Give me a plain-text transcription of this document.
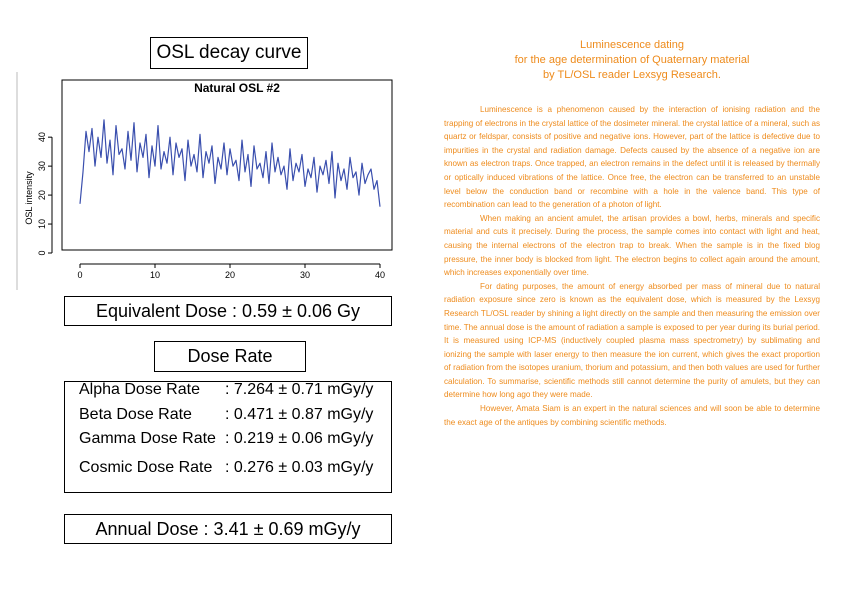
OSL decay curve
Natural OSL #2
OSL intensity
0
10
20
30
40
0	10	20	30	40
Equivalent Dose : 0.59 ± 0.06 Gy
Dose Rate
Alpha Dose Rate	: 7.264 ± 0.71 mGy/y
Beta Dose Rate	: 0.471 ± 0.87 mGy/y
Gamma Dose Rate : 0.219 ± 0.06 mGy/y
Cosmic Dose Rate : 0.276 ± 0.03 mGy/y
Annual Dose : 3.41 ± 0.69 mGy/y
Luminescence dating
for the age determination of Quaternary material
by TL/OSL reader Lexsyg Research.

Luminescence is a phenomenon caused by the interaction of ionising radiation and the trapping of electrons in the crystal lattice of the dosimeter mineral. the crystal lattice of a mineral, such as quartz or feldspar, consists of positive and negative ions. However, part of the lattice is defective due to impurities in the crystal and radiation damage. Defects caused by the absence of a negative ion are known as electron traps. Once trapped, an electron remains in the defect until it is released by thermally or optically induced vibrations of the lattice. Once free, the electron can be transferred to an unstable level below the conduction band or recombine with a hole in the valence band. This type of recombination can lead to the generation of a photon of light.

When making an ancient amulet, the artisan provides a bowl, herbs, minerals and specific material and cuts it precisely. During the process, the sample comes into contact with light and heat, causing the internal electrons of the electron trap to break. When the sample is in the fixed blog pressure, the inner body is blocked from light. The electron begins to collect again around the amount, which increases exponentially over time.

For dating purposes, the amount of energy absorbed per mass of mineral due to natural radiation exposure since zero is known as the equivalent dose, which is measured by the Lexsyg Research TL/OSL reader by shining a light directly on the sample and then measuring the emission over time. The annual dose is the amount of radiation a sample is exposed to per year during its burial period. It is measured using ICP-MS (inductively coupled plasma mass spectrometry) by sublimating and ionizing the sample with laser energy to then measure the ion current, which gives the exact proportion of radiation from the isotopes uranium, thorium and potassium, and then both values are used for further calculation. To summarise, scientific methods still cannot determine the purity of amulets, but they can determine how long ago they were made.

However, Amata Siam is an expert in the natural sciences and will soon be able to determine the exact age of the antiques by combining scientific methods.
